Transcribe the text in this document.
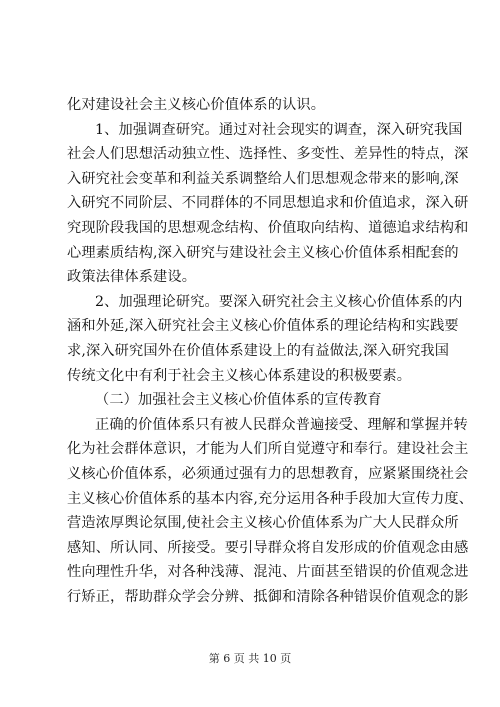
化对建设社会主义核心价值体系的认识。
1、加强调查研究。通过对社会现实的调查，深入研究我国
社会人们思想活动独立性、选择性、多变性、差异性的特点，深
入研究社会变革和利益关系调整给人们思想观念带来的影响,深
入研究不同阶层、不同群体的不同思想追求和价值追求，深入研
究现阶段我国的思想观念结构、价值取向结构、道德追求结构和
心理素质结构,深入研究与建设社会主义核心价值体系相配套的
政策法律体系建设。
2、加强理论研究。要深入研究社会主义核心价值体系的内
涵和外延,深入研究社会主义核心价值体系的理论结构和实践要
求,深入研究国外在价值体系建设上的有益做法,深入研究我国
传统文化中有利于社会主义核心体系建设的积极要素。
（二）加强社会主义核心价值体系的宣传教育
正确的价值体系只有被人民群众普遍接受、理解和掌握并转
化为社会群体意识，才能为人们所自觉遵守和奉行。建设社会主
义核心价值体系，必须通过强有力的思想教育，应紧紧围绕社会
主义核心价值体系的基本内容,充分运用各种手段加大宣传力度、
营造浓厚舆论氛围,使社会主义核心价值体系为广大人民群众所
感知、所认同、所接受。要引导群众将自发形成的价值观念由感
性向理性升华，对各种浅薄、混沌、片面甚至错误的价值观念进
行矫正，帮助群众学会分辨、抵御和清除各种错误价值观念的影
第 6 页 共 10 页
